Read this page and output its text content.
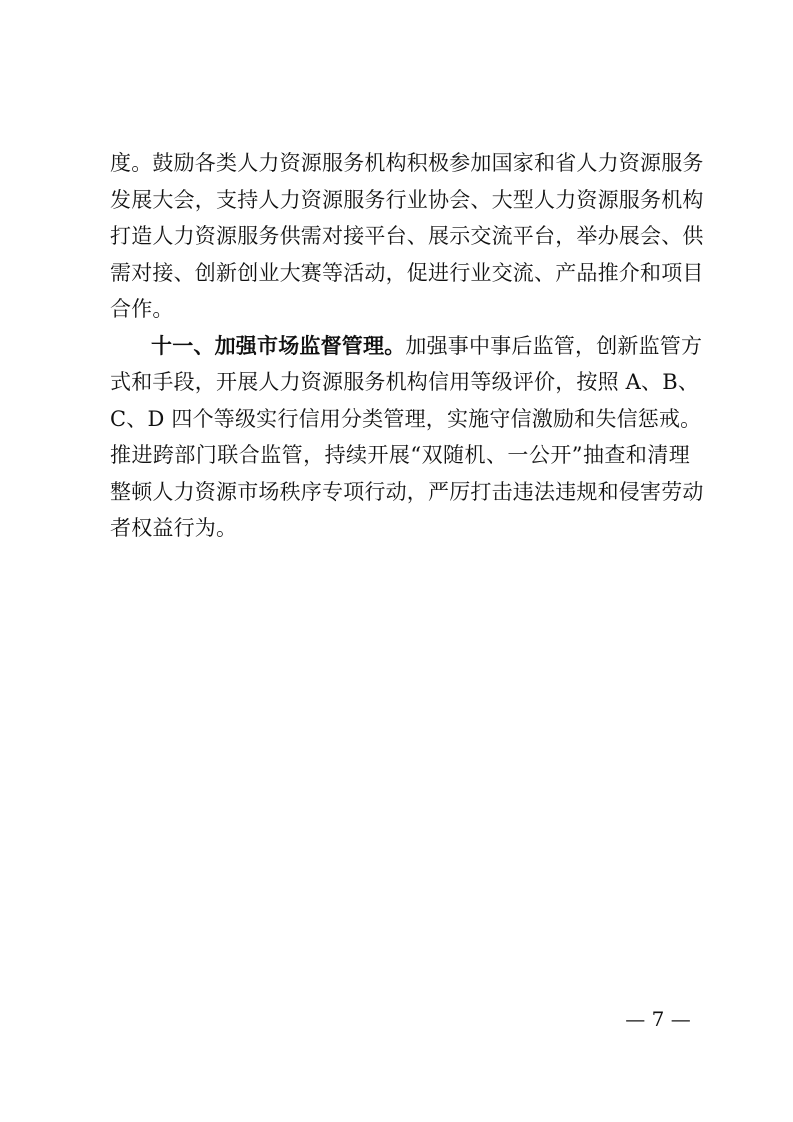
度。鼓励各类人力资源服务机构积极参加国家和省人力资源服务
发展大会，支持人力资源服务行业协会、大型人力资源服务机构
打造人力资源服务供需对接平台、展示交流平台，举办展会、供
需对接、创新创业大赛等活动，促进行业交流、产品推介和项目
合作。
十一、加强市场监督管理。加强事中事后监管，创新监管方
式和手段，开展人力资源服务机构信用等级评价，按照 A、B、
C、D 四个等级实行信用分类管理，实施守信激励和失信惩戒。
推进跨部门联合监管，持续开展“双随机、一公开”抽查和清理
整顿人力资源市场秩序专项行动，严厉打击违法违规和侵害劳动
者权益行为。
— 7 —
